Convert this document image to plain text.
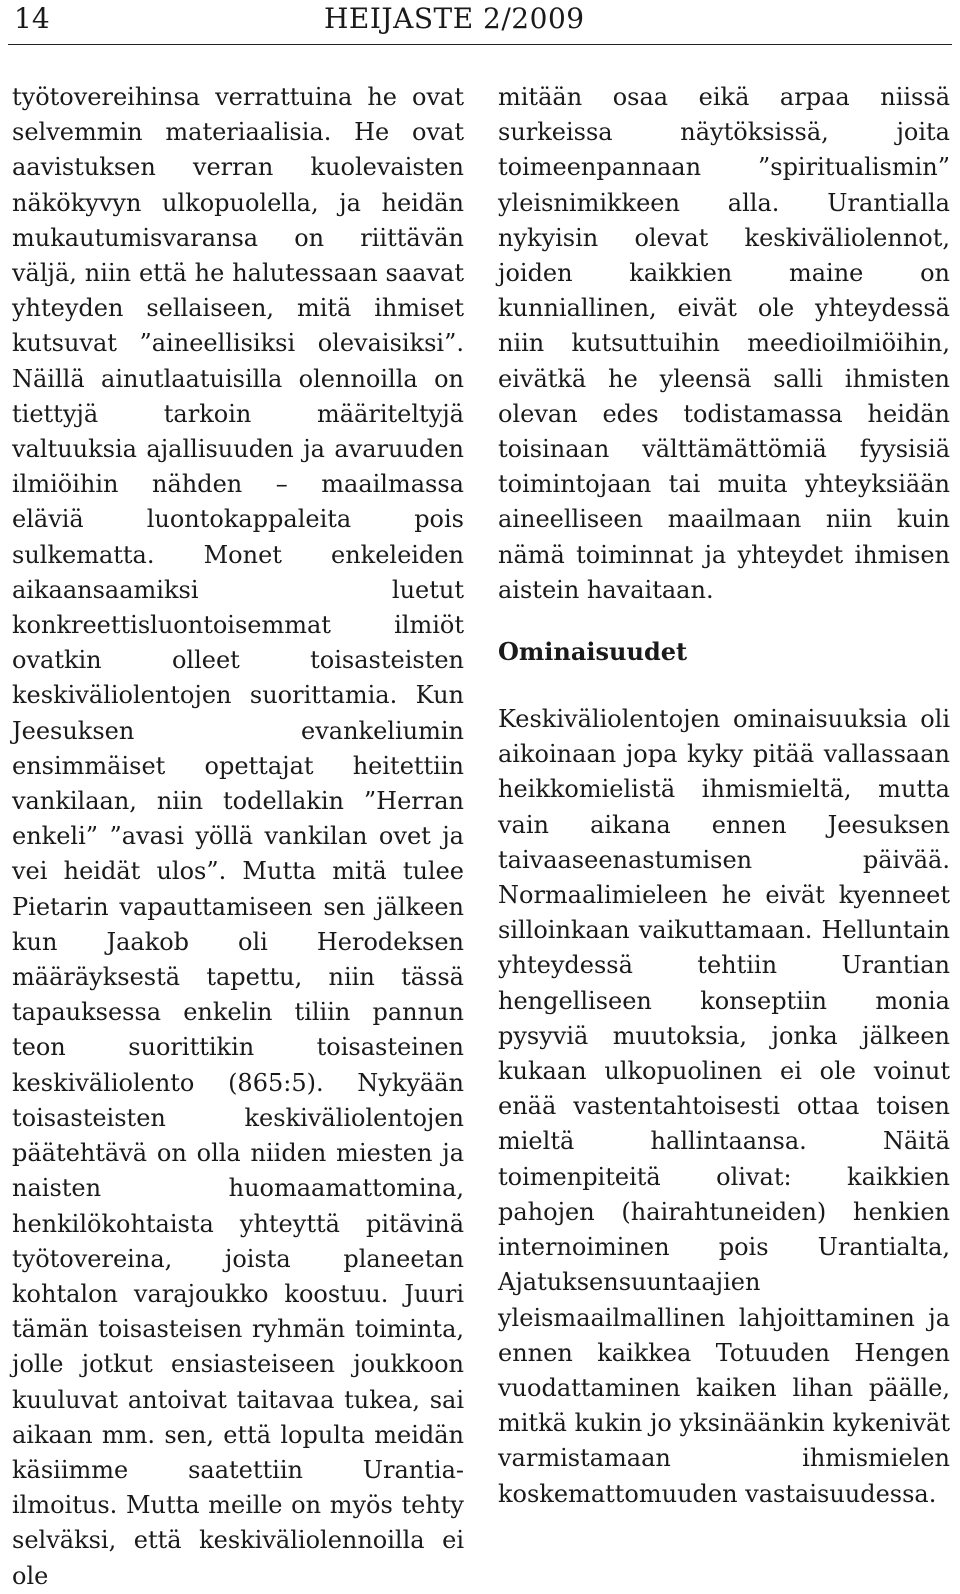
14	HEIJASTE 2/2009

työtovereihinsa verrattuina he ovat selvemmin materiaalisia. He ovat aavistuksen verran kuolevaisten näkökyvyn ulkopuolella, ja heidän mukautumisvaransa on riittävän väljä, niin että he halutessaan saavat yhteyden sellaiseen, mitä ihmiset kutsuvat ”aineellisiksi olevaisiksi”. Näillä ainutlaatuisilla olennoilla on tiettyjä tarkoin määriteltyjä valtuuksia ajallisuuden ja avaruuden ilmiöihin nähden – maailmassa eläviä luontokappaleita pois sulkematta. Monet enkeleiden aikaansaamiksi luetut konkreettisluontoisemmat ilmiöt ovatkin olleet toisasteisten keskiväliolentojen suorittamia. Kun Jeesuksen evankeliumin ensimmäiset opettajat heitettiin vankilaan, niin todellakin ”Herran enkeli” ”avasi yöllä vankilan ovet ja vei heidät ulos”. Mutta mitä tulee Pietarin vapauttamiseen sen jälkeen kun Jaakob oli Herodeksen määräyksestä tapettu, niin tässä tapauksessa enkelin tiliin pannun teon suorittikin toisasteinen keskiväliolento (865:5). Nykyään toisasteisten keskiväliolentojen päätehtävä on olla niiden miesten ja naisten huomaamattomina, henkilökohtaista yhteyttä pitävinä työtovereina, joista planeetan kohtalon varajoukko koostuu. Juuri tämän toisasteisen ryhmän toiminta, jolle jotkut ensiasteiseen joukkoon kuuluvat antoivat taitavaa tukea, sai aikaan mm. sen, että lopulta meidän käsiimme saatettiin Urantia-ilmoitus. Mutta meille on myös tehty selväksi, että keskiväliolennoilla ei ole

mitään osaa eikä arpaa niissä surkeissa näytöksissä, joita toimeenpannaan ”spiritualismin” yleisnimikkeen alla. Urantialla nykyisin olevat keskiväliolennot, joiden kaikkien maine on kunniallinen, eivät ole yhteydessä niin kutsuttuihin meedioilmiöihin, eivätkä he yleensä salli ihmisten olevan edes todistamassa heidän toisinaan välttämättömiä fyysisiä toimintojaan tai muita yhteyksiään aineelliseen maailmaan niin kuin nämä toiminnat ja yhteydet ihmisen aistein havaitaan.

Ominaisuudet

Keskiväliolentojen ominaisuuksia oli aikoinaan jopa kyky pitää vallassaan heikkomielistä ihmismieltä, mutta vain aikana ennen Jeesuksen taivaaseenastumisen päivää. Normaalimieleen he eivät kyenneet silloinkaan vaikuttamaan. Helluntain yhteydessä tehtiin Urantian hengelliseen konseptiin monia pysyviä muutoksia, jonka jälkeen kukaan ulkopuolinen ei ole voinut enää vastentahtoisesti ottaa toisen mieltä hallintaansa. Näitä toimenpiteitä olivat: kaikkien pahojen (hairahtuneiden) henkien internoiminen pois Urantialta, Ajatuksensuuntaajien yleismaailmallinen lahjoittaminen ja ennen kaikkea Totuuden Hengen vuodattaminen kaiken lihan päälle, mitkä kukin jo yksinäänkin kykenivät varmistamaan ihmismielen koskemattomuuden vastaisuudessa.
